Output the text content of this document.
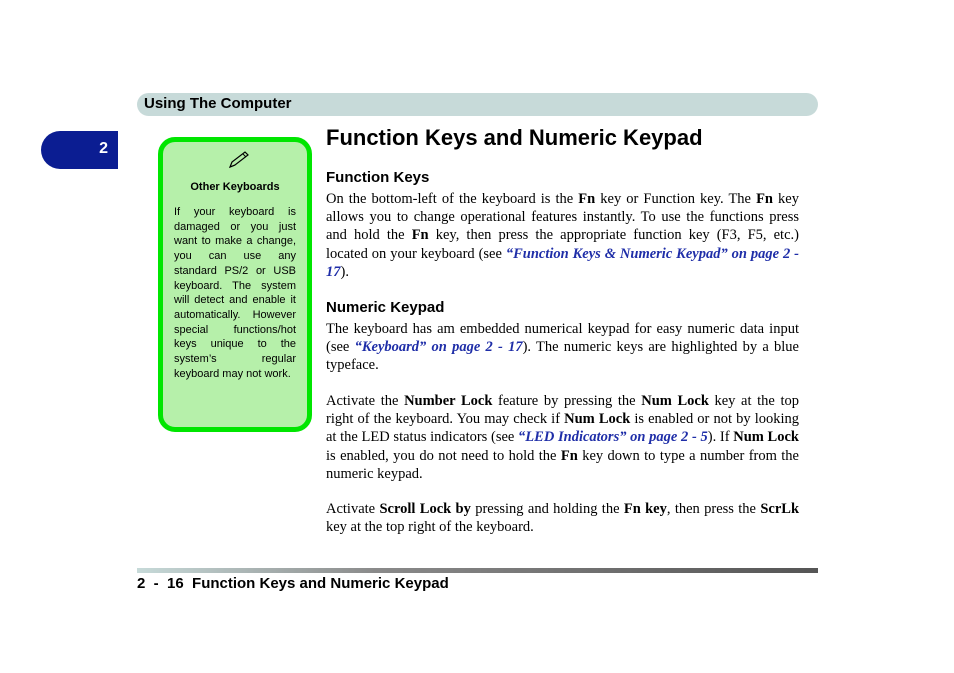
Using The Computer
2
Other Keyboards
If your keyboard is damaged or you just want to make a change, you can use any standard PS/2 or USB keyboard. The system will detect and enable it automatically. However special functions/hot keys unique to the system’s regular keyboard may not work.
Function Keys and Numeric Keypad
Function Keys

On the bottom-left of the keyboard is the Fn key or Function key. The Fn key allows you to change operational features instantly. To use the functions press and hold the Fn key, then press the appropriate function key (F3, F5, etc.) located on your keyboard (see “Function Keys & Numeric Keypad” on page 2 - 17).

Numeric Keypad

The keyboard has am embedded numerical keypad for easy numeric data input (see “Keyboard” on page 2 - 17). The numeric keys are highlighted by a blue typeface.

Activate the Number Lock feature by pressing the Num Lock key at the top right of the keyboard. You may check if Num Lock is enabled or not by looking at the LED status indicators (see “LED Indicators” on page 2 - 5). If Num Lock is enabled, you do not need to hold the Fn key down to type a number from the numeric keypad.

Activate Scroll Lock by pressing and holding the Fn key, then press the ScrLk key at the top right of the keyboard.

2  -  16  Function Keys and Numeric Keypad
